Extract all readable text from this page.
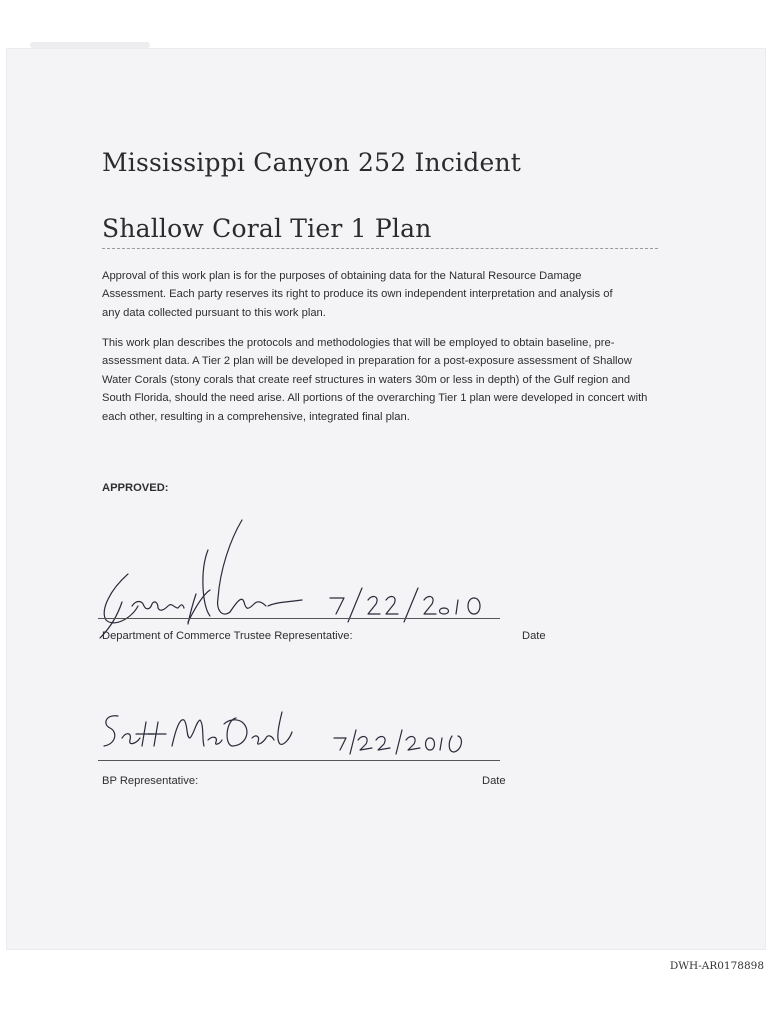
Mississippi Canyon 252 Incident
Shallow Coral Tier 1 Plan

Approval of this work plan is for the purposes of obtaining data for the Natural Resource Damage Assessment. Each party reserves its right to produce its own independent interpretation and analysis of any data collected pursuant to this work plan.

This work plan describes the protocols and methodologies that will be employed to obtain baseline, pre-assessment data. A Tier 2 plan will be developed in preparation for a post-exposure assessment of Shallow Water Corals (stony corals that create reef structures in waters 30m or less in depth) of the Gulf region and South Florida, should the need arise. All portions of the overarching Tier 1 plan were developed in concert with each other, resulting in a comprehensive, integrated final plan.

APPROVED:
Department of Commerce Trustee Representative:	Date
BP Representative:	Date
DWH-AR0178898
